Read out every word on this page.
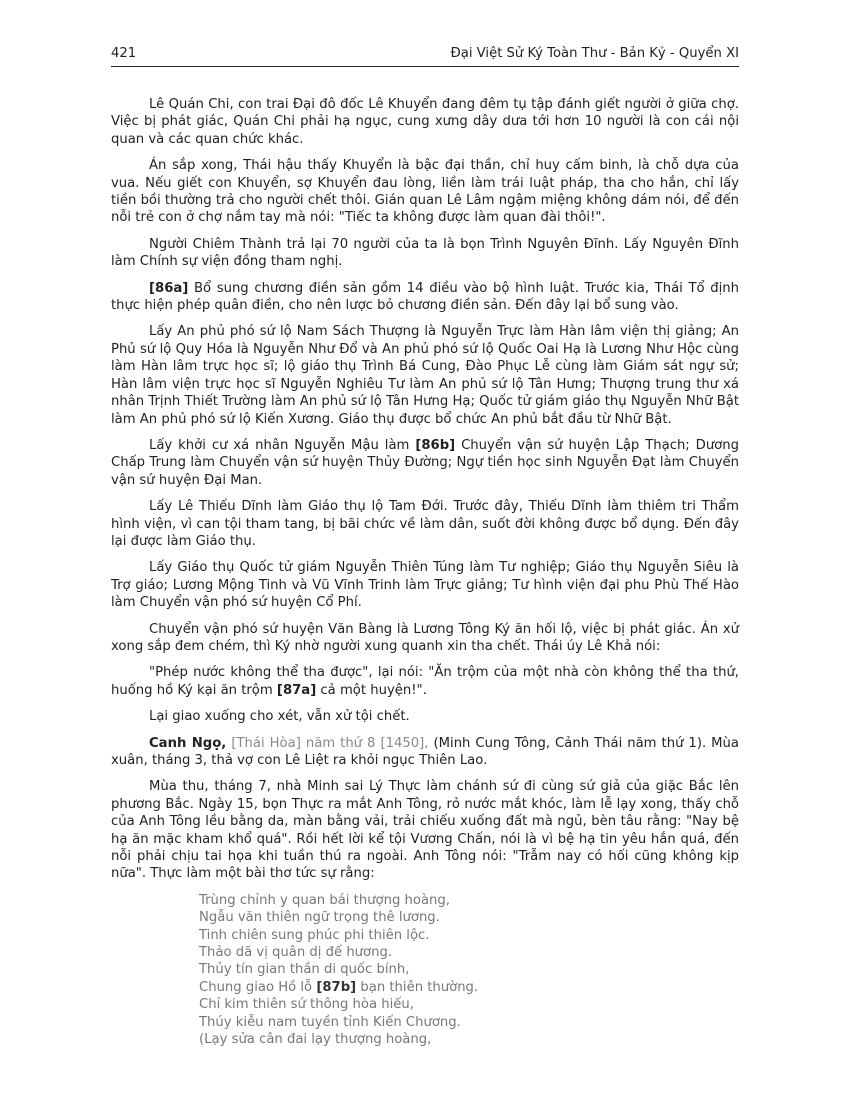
421	Đại Việt Sử Ký Toàn Thư - Bản Kỷ - Quyển XI

Lê Quán Chi, con trai Đại đô đốc Lê Khuyển đang đêm tụ tập đánh giết người ở giữa chợ. Việc bị phát giác, Quán Chi phải hạ ngục, cung xưng dây dưa tới hơn 10 người là con cái nội quan và các quan chức khác.

Án sắp xong, Thái hậu thấy Khuyển là bậc đại thần, chỉ huy cấm binh, là chỗ dựa của vua. Nếu giết con Khuyển, sợ Khuyển đau lòng, liền làm trái luật pháp, tha cho hắn, chỉ lấy tiền bồi thường trả cho người chết thôi. Gián quan Lê Lâm ngậm miệng không dám nói, để đến nỗi trẻ con ở chợ nắm tay mà nói: "Tiếc ta không được làm quan đài thôi!".

Người Chiêm Thành trả lại 70 người của ta là bọn Trình Nguyên Đĩnh. Lấy Nguyên Đĩnh làm Chính sự viện đồng tham nghị.

[86a] Bổ sung chương điền sản gồm 14 điều vào bộ hình luật. Trước kia, Thái Tổ định thực hiện phép quân điền, cho nên lược bỏ chương điền sản. Đến đây lại bổ sung vào.

Lấy An phủ phó sứ lộ Nam Sách Thượng là Nguyễn Trực làm Hàn lâm viện thị giảng; An Phủ sứ lộ Quy Hóa là Nguyễn Như Đổ và An phủ phó sứ lộ Quốc Oai Hạ là Lương Như Hộc cùng làm Hàn lâm trực học sĩ; lộ giáo thụ Trình Bá Cung, Đào Phục Lễ cùng làm Giám sát ngự sử; Hàn lâm viện trực học sĩ Nguyễn Nghiêu Tư làm An phủ sứ lộ Tân Hưng; Thượng trung thư xá nhân Trịnh Thiết Trường làm An phủ sứ lộ Tân Hưng Hạ; Quốc tử giám giáo thụ Nguyễn Nhữ Bật làm An phủ phó sứ lộ Kiến Xương. Giáo thụ được bổ chức An phủ bắt đầu từ Nhữ Bật.

Lấy khởi cư xá nhân Nguyễn Mậu làm [86b] Chuyển vận sứ huyện Lập Thạch; Dương Chấp Trung làm Chuyển vận sứ huyện Thủy Đường; Ngự tiền học sinh Nguyễn Đạt làm Chuyển vận sứ huyện Đại Man.

Lấy Lê Thiếu Dĩnh làm Giáo thụ lộ Tam Đới. Trước đây, Thiếu Dĩnh làm thiêm tri Thẩm hình viện, vì can tội tham tang, bị bãi chức về làm dân, suốt đời không được bổ dụng. Đến đây lại được làm Giáo thụ.

Lấy Giáo thụ Quốc tử giám Nguyễn Thiên Túng làm Tư nghiệp; Giáo thụ Nguyễn Siêu là Trợ giáo; Lương Mộng Tinh và Vũ Vĩnh Trinh làm Trực giảng; Tư hình viện đại phu Phù Thế Hào làm Chuyển vận phó sứ huyện Cổ Phí.

Chuyển vận phó sứ huyện Văn Bàng là Lương Tông Ký ăn hối lộ, việc bị phát giác. Án xử xong sắp đem chém, thì Ký nhờ người xung quanh xin tha chết. Thái úy Lê Khả nói:

"Phép nước không thể tha được", lại nói: "Ăn trộm của một nhà còn không thể tha thứ, huống hồ Ký kại ăn trộm [87a] cả một huyện!".

Lại giao xuống cho xét, vẫn xử tội chết.

Canh Ngọ, [Thái Hòa] năm thứ 8 [1450], (Minh Cung Tông, Cảnh Thái năm thứ 1). Mùa xuân, tháng 3, thả vợ con Lê Liệt ra khỏi ngục Thiên Lao.

Mùa thu, tháng 7, nhà Minh sai Lý Thực làm chánh sứ đi cùng sứ giả của giặc Bắc lên phương Bắc. Ngày 15, bọn Thực ra mắt Anh Tông, rỏ nước mắt khóc, làm lễ lạy xong, thấy chỗ của Anh Tông lều bằng da, màn bằng vải, trải chiếu xuống đất mà ngủ, bèn tâu rằng: "Nay bệ hạ ăn mặc kham khổ quá". Rồi hết lời kể tội Vương Chấn, nói là vì bệ hạ tin yêu hắn quá, đến nỗi phải chịu tai họa khi tuần thú ra ngoài. Anh Tông nói: "Trẫm nay có hối cũng không kịp nữa". Thực làm một bài thơ tức sự rằng:

Trùng chỉnh y quan bái thượng hoàng,
Ngẫu văn thiên ngữ trọng thê lương.
Tinh chiên sung phúc phi thiên lộc.
Thảo dã vị quân dị đế hương.
Thủy tín gian thần di quốc bính,
Chung giao Hồ lỗ [87b] bạn thiên thường.
Chỉ kim thiên sứ thông hòa hiếu,
Thúy kiễu nam tuyền tỉnh Kiến Chương.
(Lạy sửa cân đai lạy thượng hoàng,
